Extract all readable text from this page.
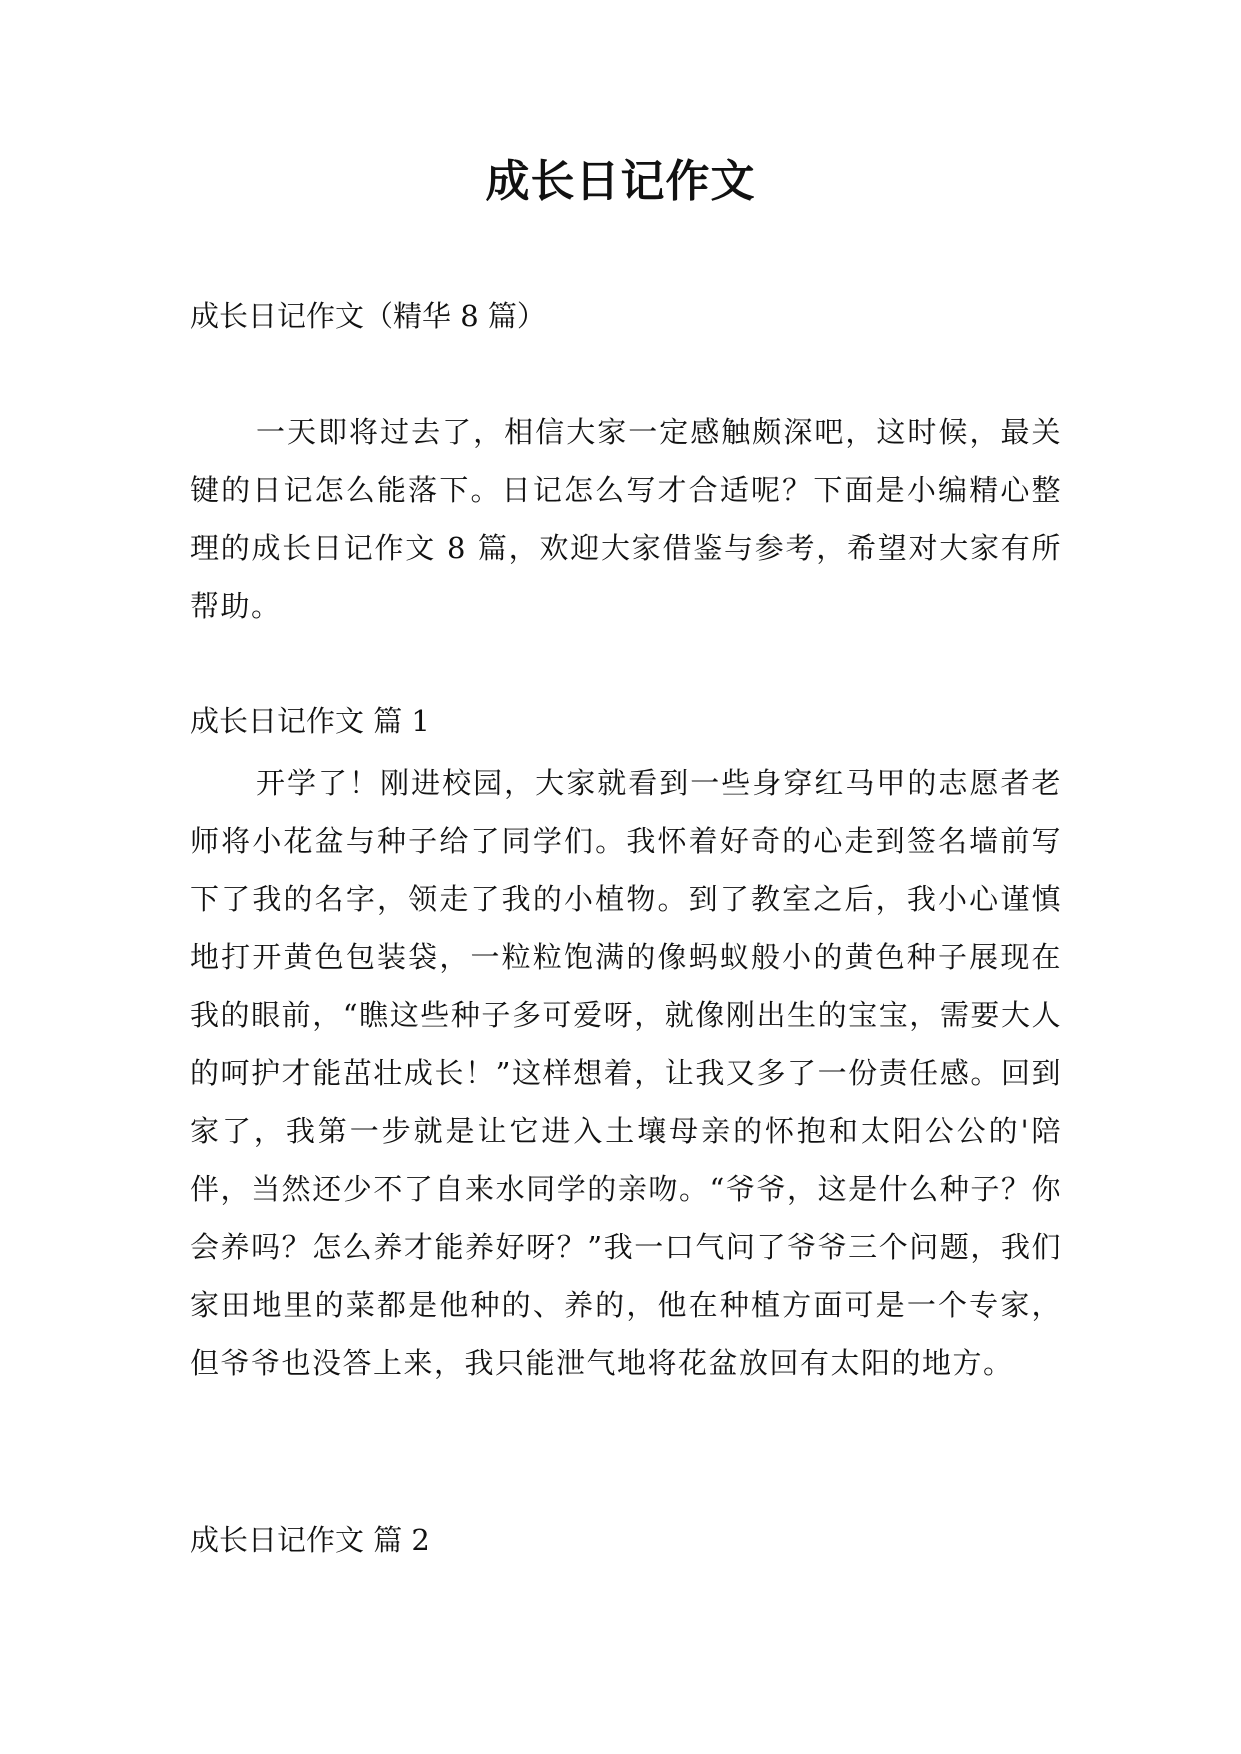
成长日记作文
成长日记作文（精华 8 篇）
一天即将过去了，相信大家一定感触颇深吧，这时候，最关键的日记怎么能落下。日记怎么写才合适呢？下面是小编精心整理的成长日记作文 8 篇，欢迎大家借鉴与参考，希望对大家有所帮助。
成长日记作文 篇 1
开学了！刚进校园，大家就看到一些身穿红马甲的志愿者老师将小花盆与种子给了同学们。我怀着好奇的心走到签名墙前写下了我的名字，领走了我的小植物。到了教室之后，我小心谨慎地打开黄色包装袋，一粒粒饱满的像蚂蚁般小的黄色种子展现在我的眼前，“瞧这些种子多可爱呀，就像刚出生的宝宝，需要大人的呵护才能茁壮成长！”这样想着，让我又多了一份责任感。回到家了，我第一步就是让它进入土壤母亲的怀抱和太阳公公的'陪伴，当然还少不了自来水同学的亲吻。“爷爷，这是什么种子？你会养吗？怎么养才能养好呀？”我一口气问了爷爷三个问题，我们家田地里的菜都是他种的、养的，他在种植方面可是一个专家，但爷爷也没答上来，我只能泄气地将花盆放回有太阳的地方。
成长日记作文 篇 2
